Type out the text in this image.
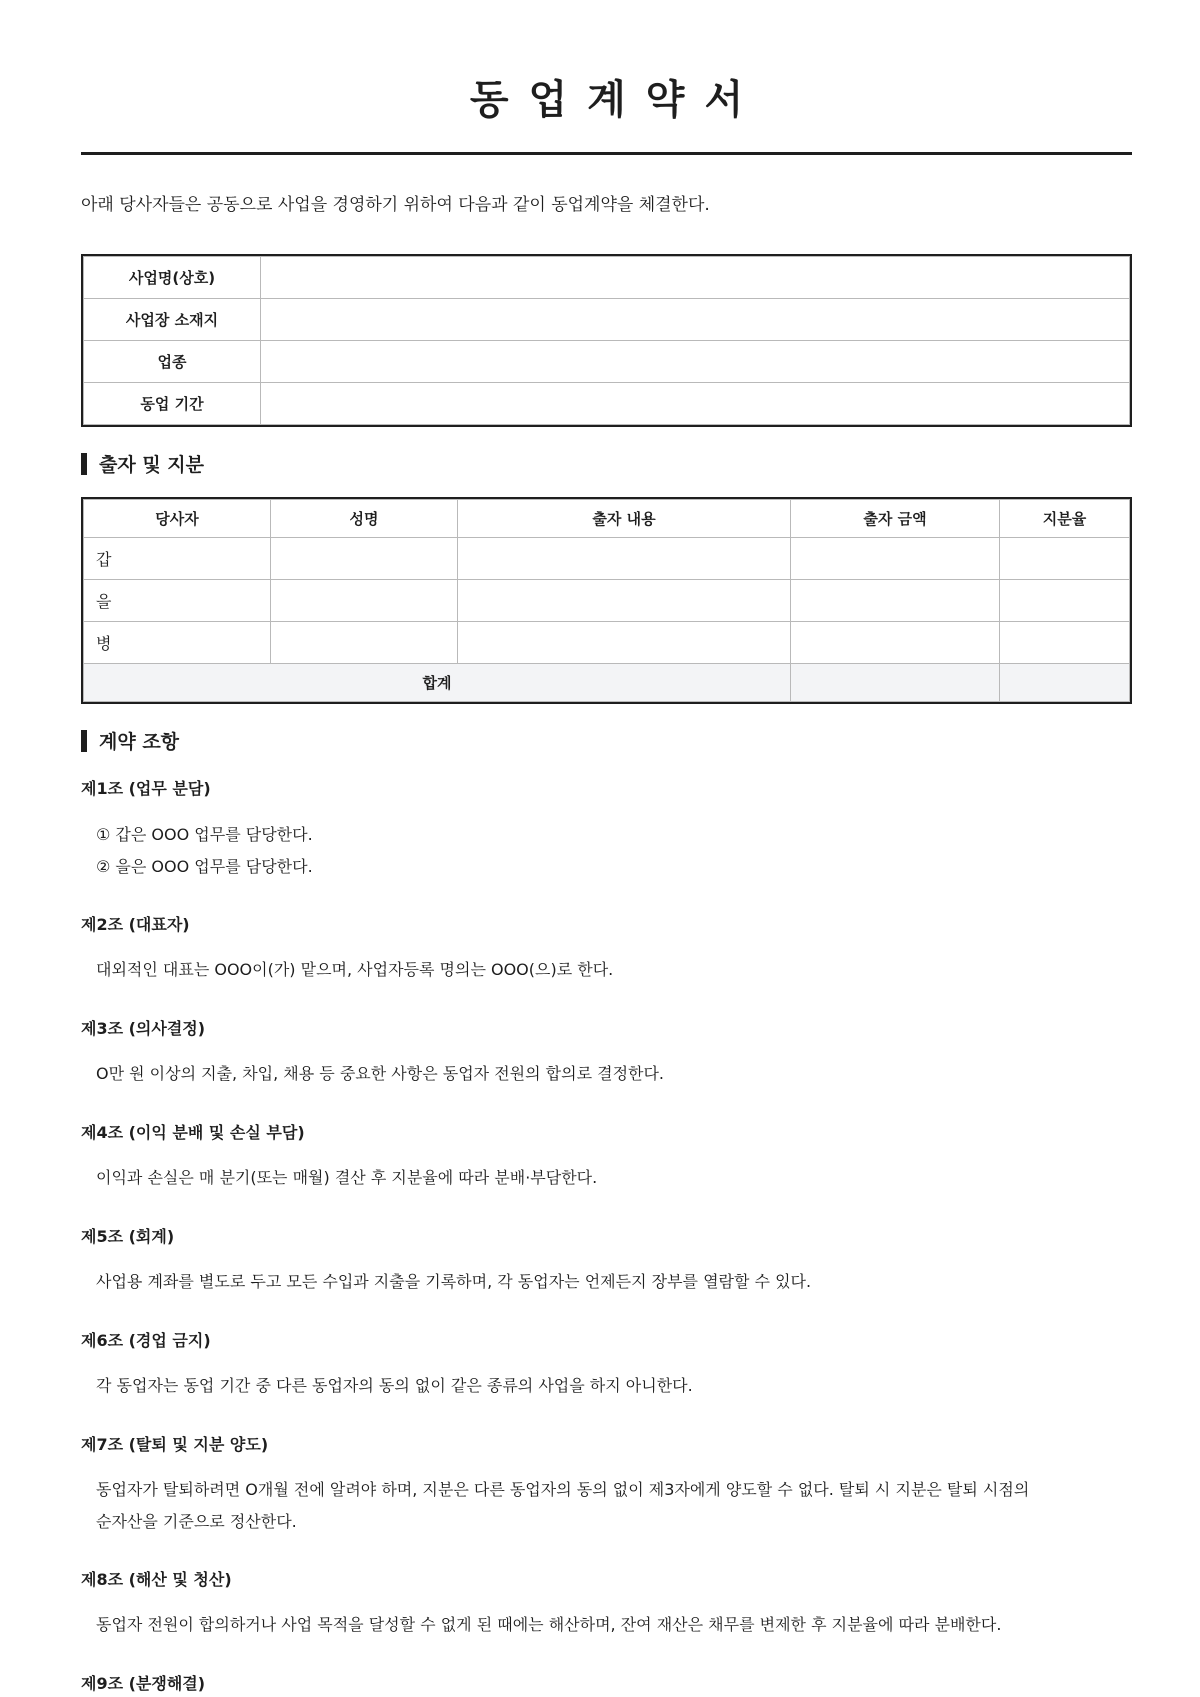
동업계약서
아래 당사자들은 공동으로 사업을 경영하기 위하여 다음과 같이 동업계약을 체결한다.
사업명(상호)	
사업장 소재지	
업종	
동업 기간	
출자 및 지분
당사자	성명	출자 내용	출자 금액	지분율
갑				
을				
병				
합계				
계약 조항
제1조 (업무 분담)
① 갑은 OOO 업무를 담당한다.
② 을은 OOO 업무를 담당한다.
제2조 (대표자)
대외적인 대표는 OOO이(가) 맡으며, 사업자등록 명의는 OOO(으)로 한다.
제3조 (의사결정)
O만 원 이상의 지출, 차입, 채용 등 중요한 사항은 동업자 전원의 합의로 결정한다.
제4조 (이익 분배 및 손실 부담)
이익과 손실은 매 분기(또는 매월) 결산 후 지분율에 따라 분배·부담한다.
제5조 (회계)
사업용 계좌를 별도로 두고 모든 수입과 지출을 기록하며, 각 동업자는 언제든지 장부를 열람할 수 있다.
제6조 (경업 금지)
각 동업자는 동업 기간 중 다른 동업자의 동의 없이 같은 종류의 사업을 하지 아니한다.
제7조 (탈퇴 및 지분 양도)
동업자가 탈퇴하려면 O개월 전에 알려야 하며, 지분은 다른 동업자의 동의 없이 제3자에게 양도할 수 없다. 탈퇴 시 지분은 탈퇴 시점의
순자산을 기준으로 정산한다.
제8조 (해산 및 청산)
동업자 전원이 합의하거나 사업 목적을 달성할 수 없게 된 때에는 해산하며, 잔여 재산은 채무를 변제한 후 지분율에 따라 분배한다.
제9조 (분쟁해결)
